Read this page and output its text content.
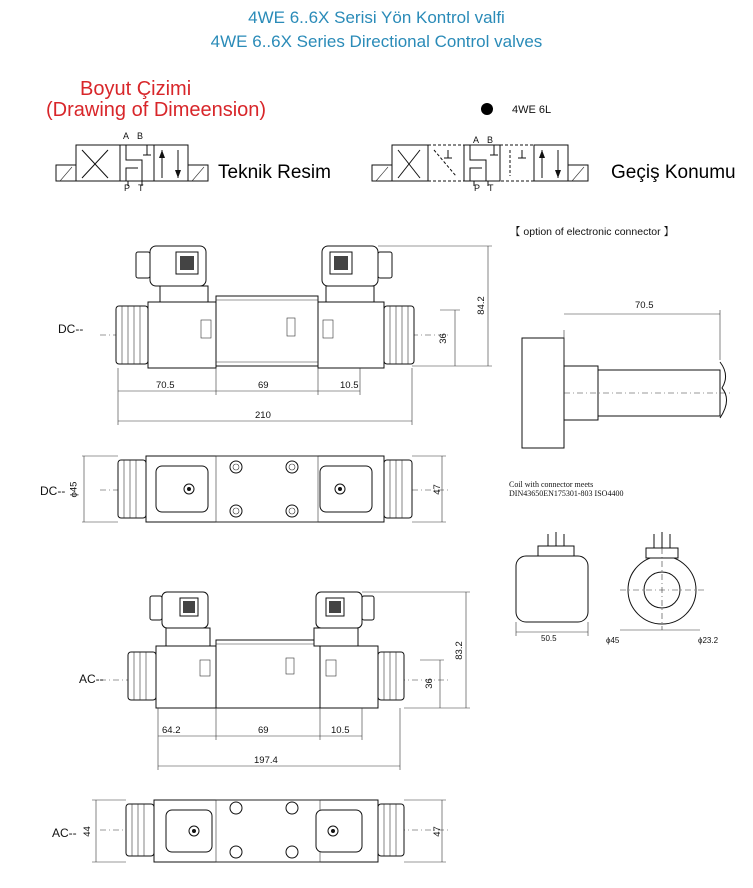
4WE 6..6X Serisi Yön Kontrol valfi
4WE 6..6X Series Directional Control valves
Boyut Çizimi
(Drawing of Dimeension)	4WE 6L
Teknik Resim	Geçiş Konumu
A B
P T
A B
P T
【 option of electronic connector 】
DC--
70.5	69	10.5
210
84.2
36
DC-- ϕ45	47
70.5
Coil with connector meets
DIN43650EN175301-803 ISO4400
50.5	ϕ45	ϕ23.2
AC--
64.2	69	10.5
197.4
83.2
36
AC-- 44	47
